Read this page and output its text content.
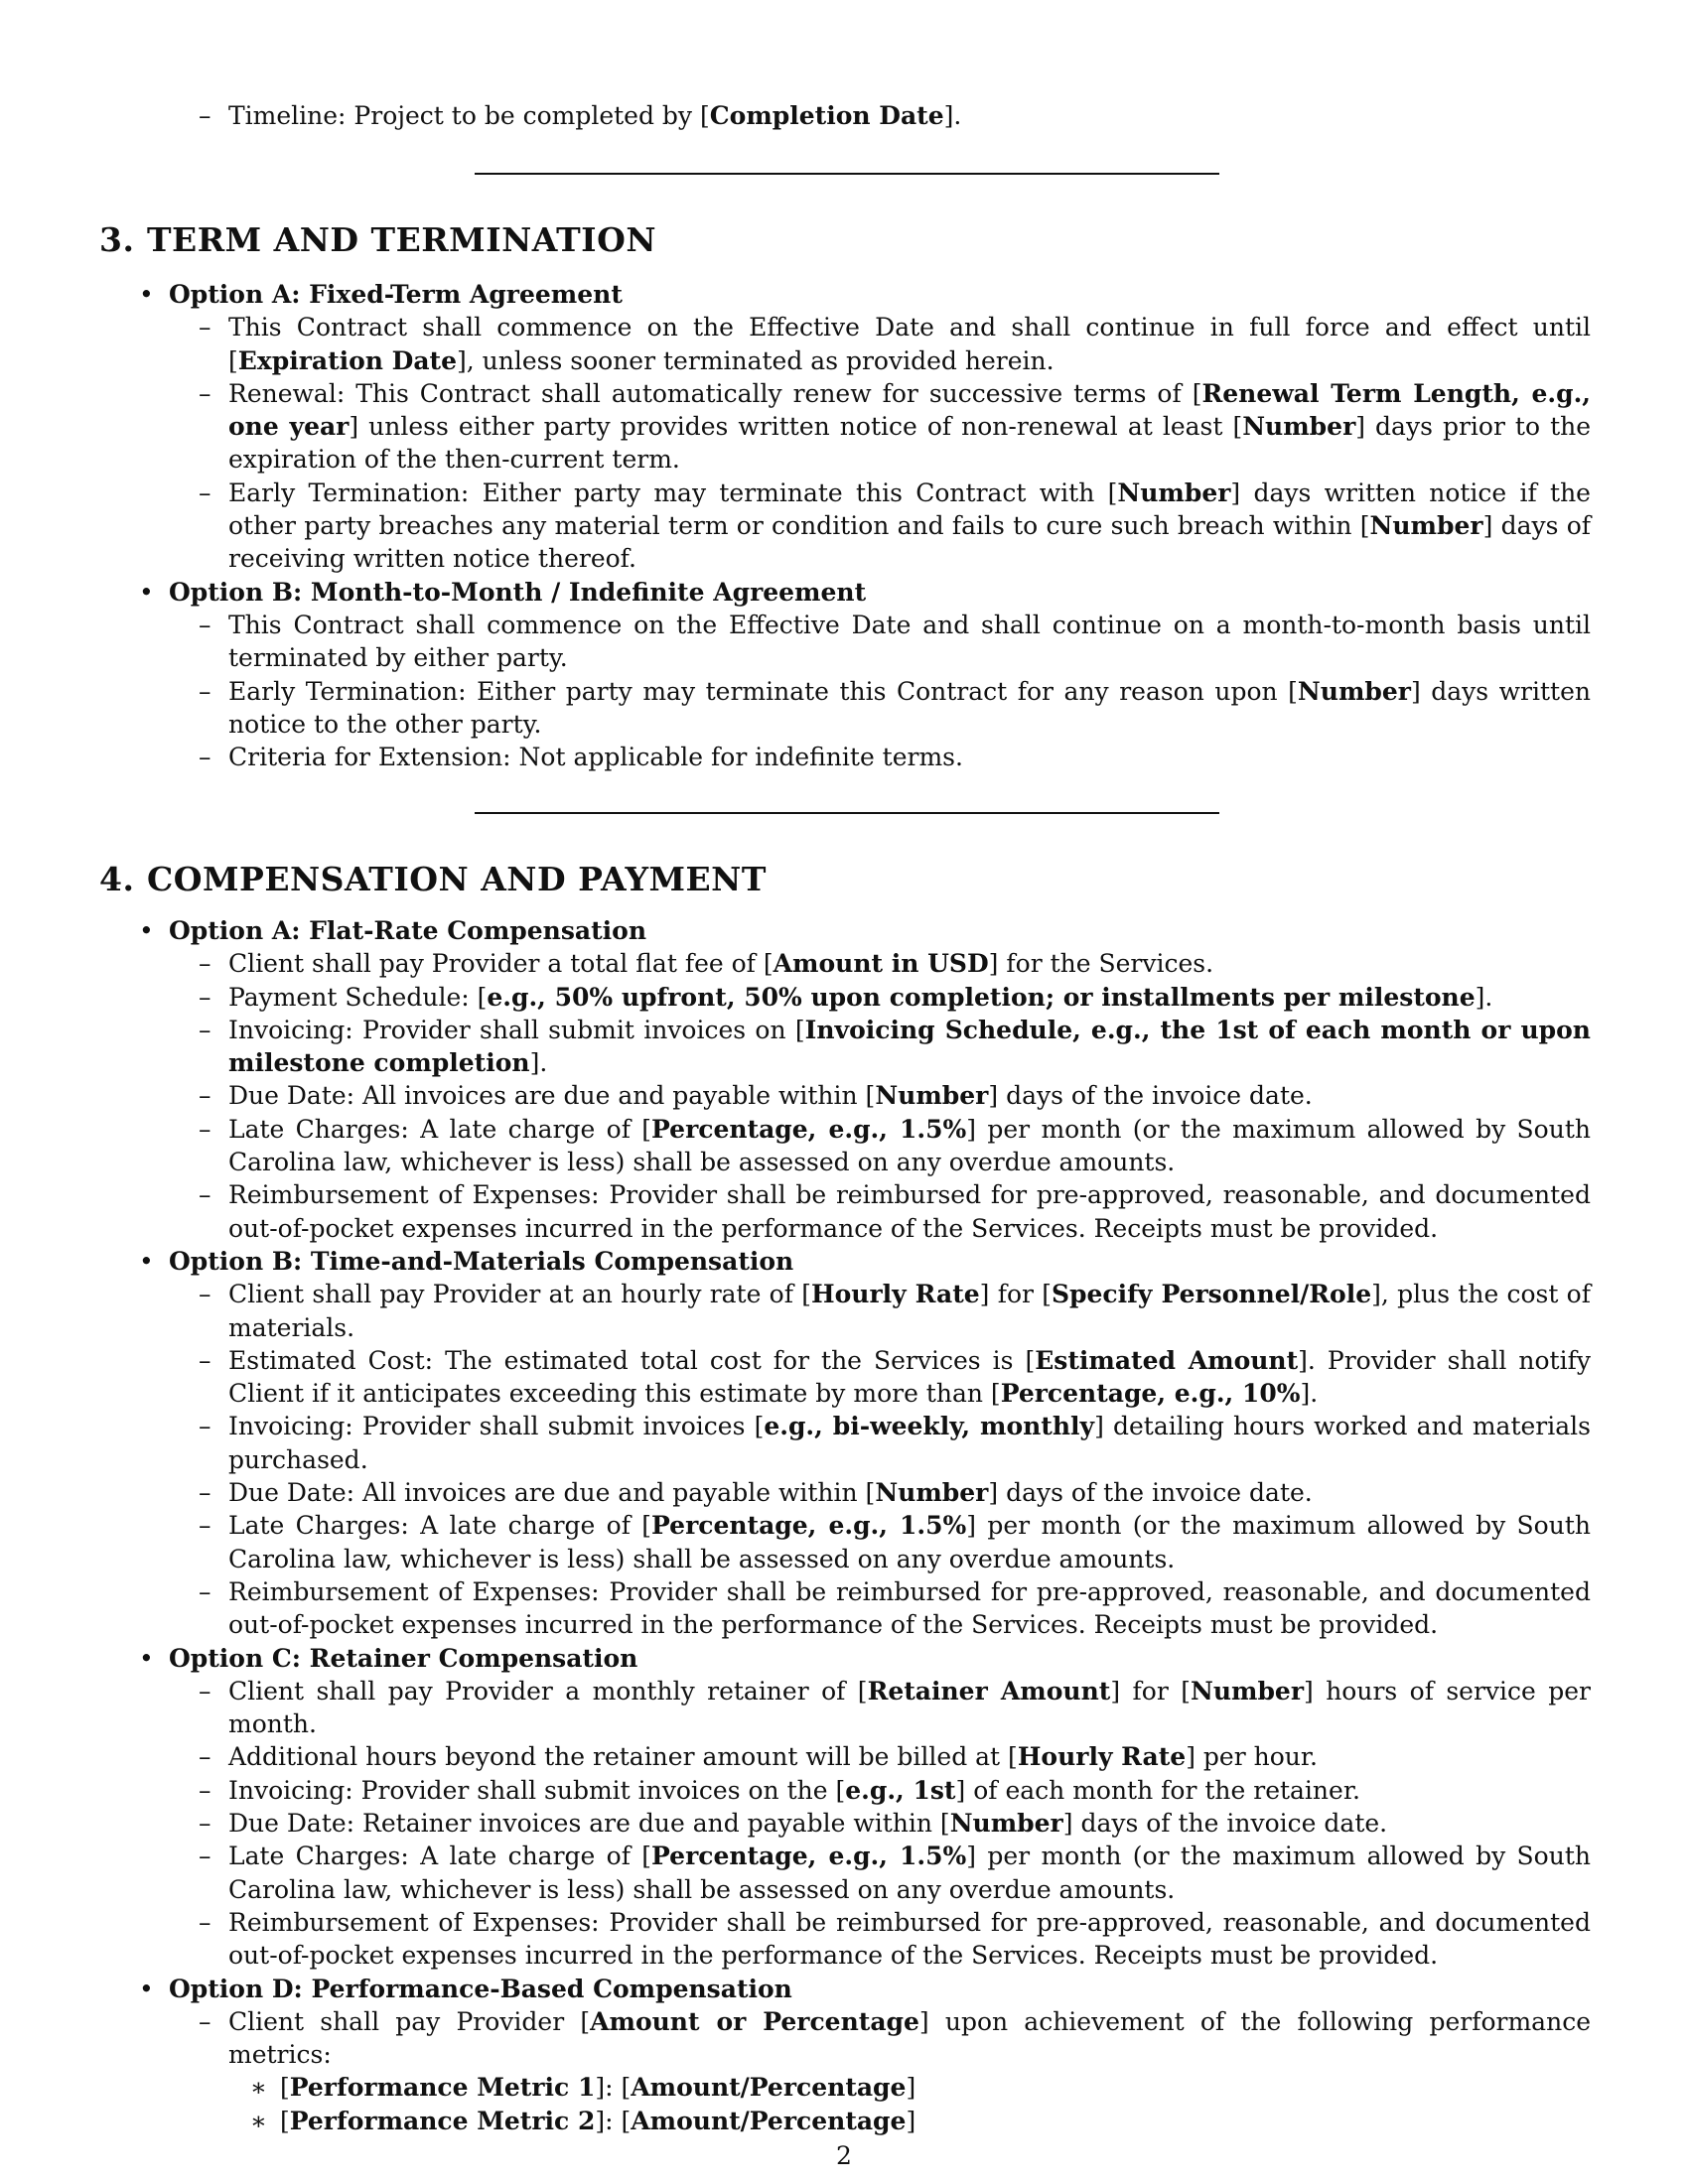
– Timeline: Project to be completed by [Completion Date].
3. TERM AND TERMINATION
• Option A: Fixed-Term Agreement
– This Contract shall commence on the Effective Date and shall continue in full force and effect until [Expiration Date], unless sooner terminated as provided herein.
– Renewal: This Contract shall automatically renew for successive terms of [Renewal Term Length, e.g., one year] unless either party provides written notice of non-renewal at least [Number] days prior to the expiration of the then-current term.
– Early Termination: Either party may terminate this Contract with [Number] days written notice if the other party breaches any material term or condition and fails to cure such breach within [Number] days of receiving written notice thereof.
• Option B: Month-to-Month / Indefinite Agreement
– This Contract shall commence on the Effective Date and shall continue on a month-to-month basis until terminated by either party.
– Early Termination: Either party may terminate this Contract for any reason upon [Number] days written notice to the other party.
– Criteria for Extension: Not applicable for indefinite terms.
4. COMPENSATION AND PAYMENT
• Option A: Flat-Rate Compensation
– Client shall pay Provider a total flat fee of [Amount in USD] for the Services.
– Payment Schedule: [e.g., 50% upfront, 50% upon completion; or installments per milestone].
– Invoicing: Provider shall submit invoices on [Invoicing Schedule, e.g., the 1st of each month or upon milestone completion].
– Due Date: All invoices are due and payable within [Number] days of the invoice date.
– Late Charges: A late charge of [Percentage, e.g., 1.5%] per month (or the maximum allowed by South Carolina law, whichever is less) shall be assessed on any overdue amounts.
– Reimbursement of Expenses: Provider shall be reimbursed for pre-approved, reasonable, and documented out-of-pocket expenses incurred in the performance of the Services. Receipts must be provided.
• Option B: Time-and-Materials Compensation
– Client shall pay Provider at an hourly rate of [Hourly Rate] for [Specify Personnel/Role], plus the cost of materials.
– Estimated Cost: The estimated total cost for the Services is [Estimated Amount]. Provider shall notify Client if it anticipates exceeding this estimate by more than [Percentage, e.g., 10%].
– Invoicing: Provider shall submit invoices [e.g., bi-weekly, monthly] detailing hours worked and materials purchased.
– Due Date: All invoices are due and payable within [Number] days of the invoice date.
– Late Charges: A late charge of [Percentage, e.g., 1.5%] per month (or the maximum allowed by South Carolina law, whichever is less) shall be assessed on any overdue amounts.
– Reimbursement of Expenses: Provider shall be reimbursed for pre-approved, reasonable, and documented out-of-pocket expenses incurred in the performance of the Services. Receipts must be provided.
• Option C: Retainer Compensation
– Client shall pay Provider a monthly retainer of [Retainer Amount] for [Number] hours of service per month.
– Additional hours beyond the retainer amount will be billed at [Hourly Rate] per hour.
– Invoicing: Provider shall submit invoices on the [e.g., 1st] of each month for the retainer.
– Due Date: Retainer invoices are due and payable within [Number] days of the invoice date.
– Late Charges: A late charge of [Percentage, e.g., 1.5%] per month (or the maximum allowed by South Carolina law, whichever is less) shall be assessed on any overdue amounts.
– Reimbursement of Expenses: Provider shall be reimbursed for pre-approved, reasonable, and documented out-of-pocket expenses incurred in the performance of the Services. Receipts must be provided.
• Option D: Performance-Based Compensation
– Client shall pay Provider [Amount or Percentage] upon achievement of the following performance metrics:
∗ [Performance Metric 1]: [Amount/Percentage]
∗ [Performance Metric 2]: [Amount/Percentage]
2
